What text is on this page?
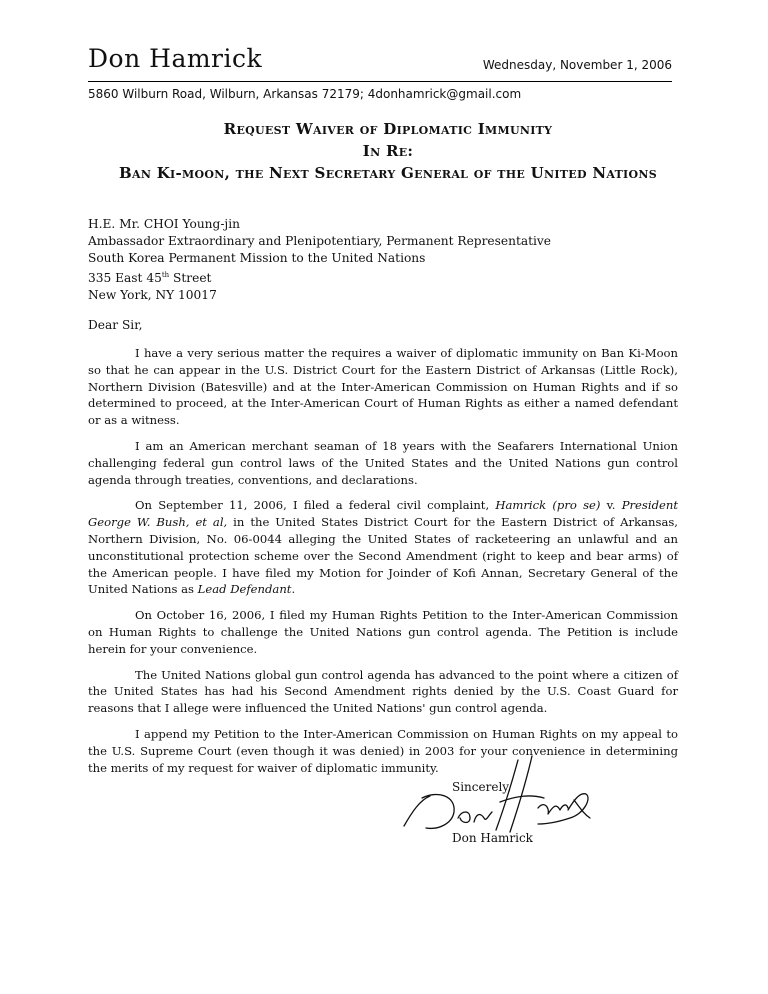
Don Hamrick	Wednesday, November 1, 2006
5860 Wilburn Road, Wilburn, Arkansas 72179; 4donhamrick@gmail.com
Request Waiver of Diplomatic Immunity
In Re:
Ban Ki-moon, the Next Secretary General of the United Nations
H.E. Mr. CHOI Young-jin
Ambassador Extraordinary and Plenipotentiary, Permanent Representative
South Korea Permanent Mission to the United Nations
335 East 45th Street
New York, NY 10017
Dear Sir,

I have a very serious matter the requires a waiver of diplomatic immunity on Ban Ki-Moon so that he can appear in the U.S. District Court for the Eastern District of Arkansas (Little Rock), Northern Division (Batesville) and at the Inter-American Commission on Human Rights and if so determined to proceed, at the Inter-American Court of Human Rights as either a named defendant or as a witness.

I am an American merchant seaman of 18 years with the Seafarers International Union challenging federal gun control laws of the United States and the United Nations gun control agenda through treaties, conventions, and declarations.

On September 11, 2006, I filed a federal civil complaint, Hamrick (pro se) v. President George W. Bush, et al, in the United States District Court for the Eastern District of Arkansas, Northern Division, No. 06-0044 alleging the United States of racketeering an unlawful and an unconstitutional protection scheme over the Second Amendment (right to keep and bear arms) of the American people. I have filed my Motion for Joinder of Kofi Annan, Secretary General of the United Nations as Lead Defendant.

On October 16, 2006, I filed my Human Rights Petition to the Inter-American Commission on Human Rights to challenge the United Nations gun control agenda. The Petition is include herein for your convenience.

The United Nations global gun control agenda has advanced to the point where a citizen of the United States has had his Second Amendment rights denied by the U.S. Coast Guard for reasons that I allege were influenced the United Nations' gun control agenda.

I append my Petition to the Inter-American Commission on Human Rights on my appeal to the U.S. Supreme Court (even though it was denied) in 2003 for your convenience in determining the merits of my request for waiver of diplomatic immunity.

Sincerely,
Don Hamrick
